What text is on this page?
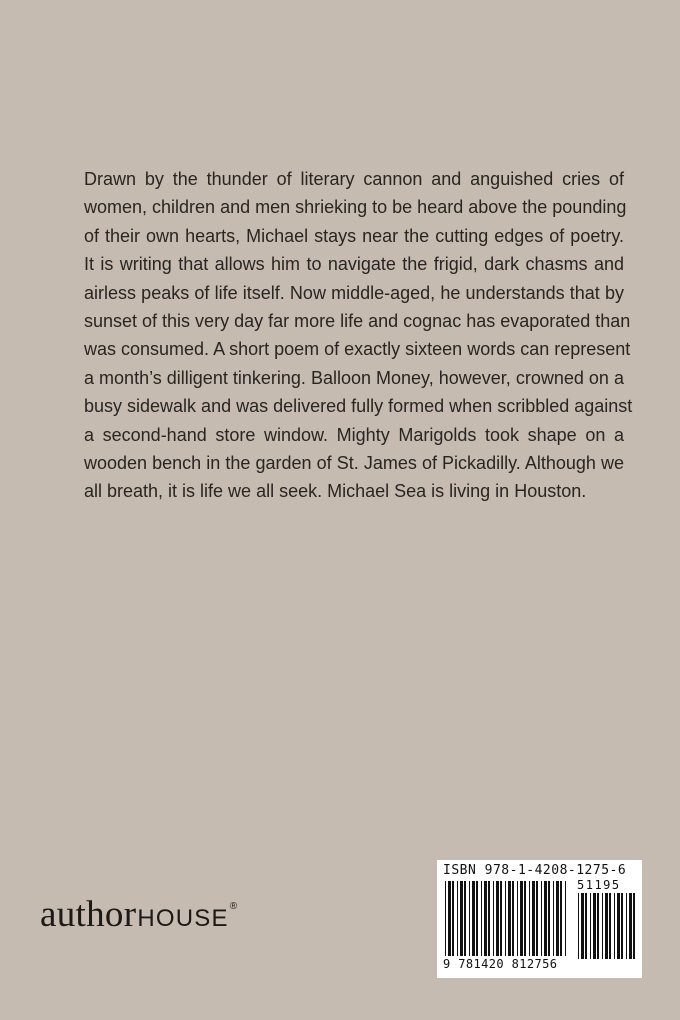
Drawn by the thunder of literary cannon and anguished cries of
women, children and men shrieking to be heard above the pounding
of their own hearts, Michael stays near the cutting edges of poetry.
It is writing that allows him to navigate the frigid, dark chasms and
airless peaks of life itself. Now middle-aged, he understands that by
sunset of this very day far more life and cognac has evaporated than
was consumed. A short poem of exactly sixteen words can represent
a month’s dilligent tinkering. Balloon Money, however, crowned on a
busy sidewalk and was delivered fully formed when scribbled against
a second-hand store window. Mighty Marigolds took shape on a
wooden bench in the garden of St. James of Pickadilly. Although we
all breath, it is life we all seek. Michael Sea is living in Houston.
authorHOUSE®
ISBN 978-1-4208-1275-6
51195
9 781420 812756
